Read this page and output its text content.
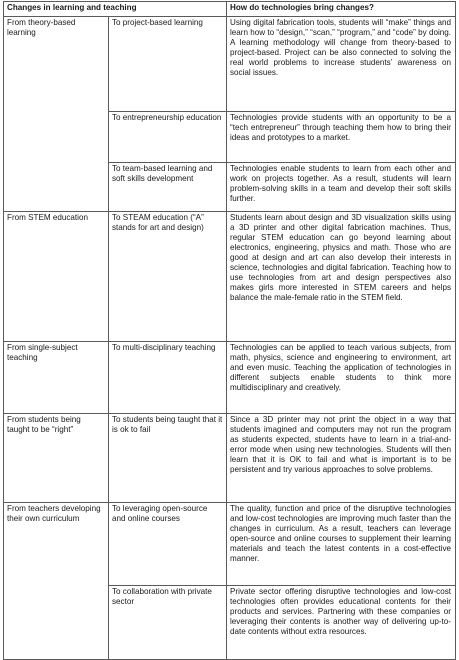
Changes in learning and teaching		How do technologies bring changes?
From theory-based learning	To project-based learning	Using digital fabrication tools, students will “make” things and learn how to “design,” “scan,” “program,” and “code” by doing. A learning methodology will change from theory-based to project-based. Project can be also connected to solving the real world problems to increase students’ awareness on social issues.
	To entrepreneurship education	Technologies provide students with an opportunity to be a “tech entrepreneur” through teaching them how to bring their ideas and prototypes to a market.
	To team-based learning and soft skills development	Technologies enable students to learn from each other and work on projects together. As a result, students will learn problem-solving skills in a team and develop their soft skills further.
From STEM education	To STEAM education (“A” stands for art and design)	Students learn about design and 3D visualization skills using a 3D printer and other digital fabrication machines. Thus, regular STEM education can go beyond learning about electronics, engineering, physics and math. Those who are good at design and art can also develop their interests in science, technologies and digital fabrication. Teaching how to use technologies from art and design perspectives also makes girls more interested in STEM careers and helps balance the male-female ratio in the STEM field.
From single-subject teaching	To multi-disciplinary teaching	Technologies can be applied to teach various subjects, from math, physics, science and engineering to environment, art and even music. Teaching the application of technologies in different subjects enable students to think more multidisciplinary and creatively.
From students being taught to be “right”	To students being taught that it is ok to fail	Since a 3D printer may not print the object in a way that students imagined and computers may not run the program as students expected, students have to learn in a trial-and-error mode when using new technologies. Students will then learn that it is OK to fail and what is important is to be persistent and try various approaches to solve problems.
From teachers developing their own curriculum	To leveraging open-source and online courses	The quality, function and price of the disruptive technologies and low-cost technologies are improving much faster than the changes in curriculum. As a result, teachers can leverage open-source and online courses to supplement their learning materials and teach the latest contents in a cost-effective manner.
	To collaboration with private sector	Private sector offering disruptive technologies and low-cost technologies often provides educational contents for their products and services. Partnering with these companies or leveraging their contents is another way of delivering up-to-date contents without extra resources.
